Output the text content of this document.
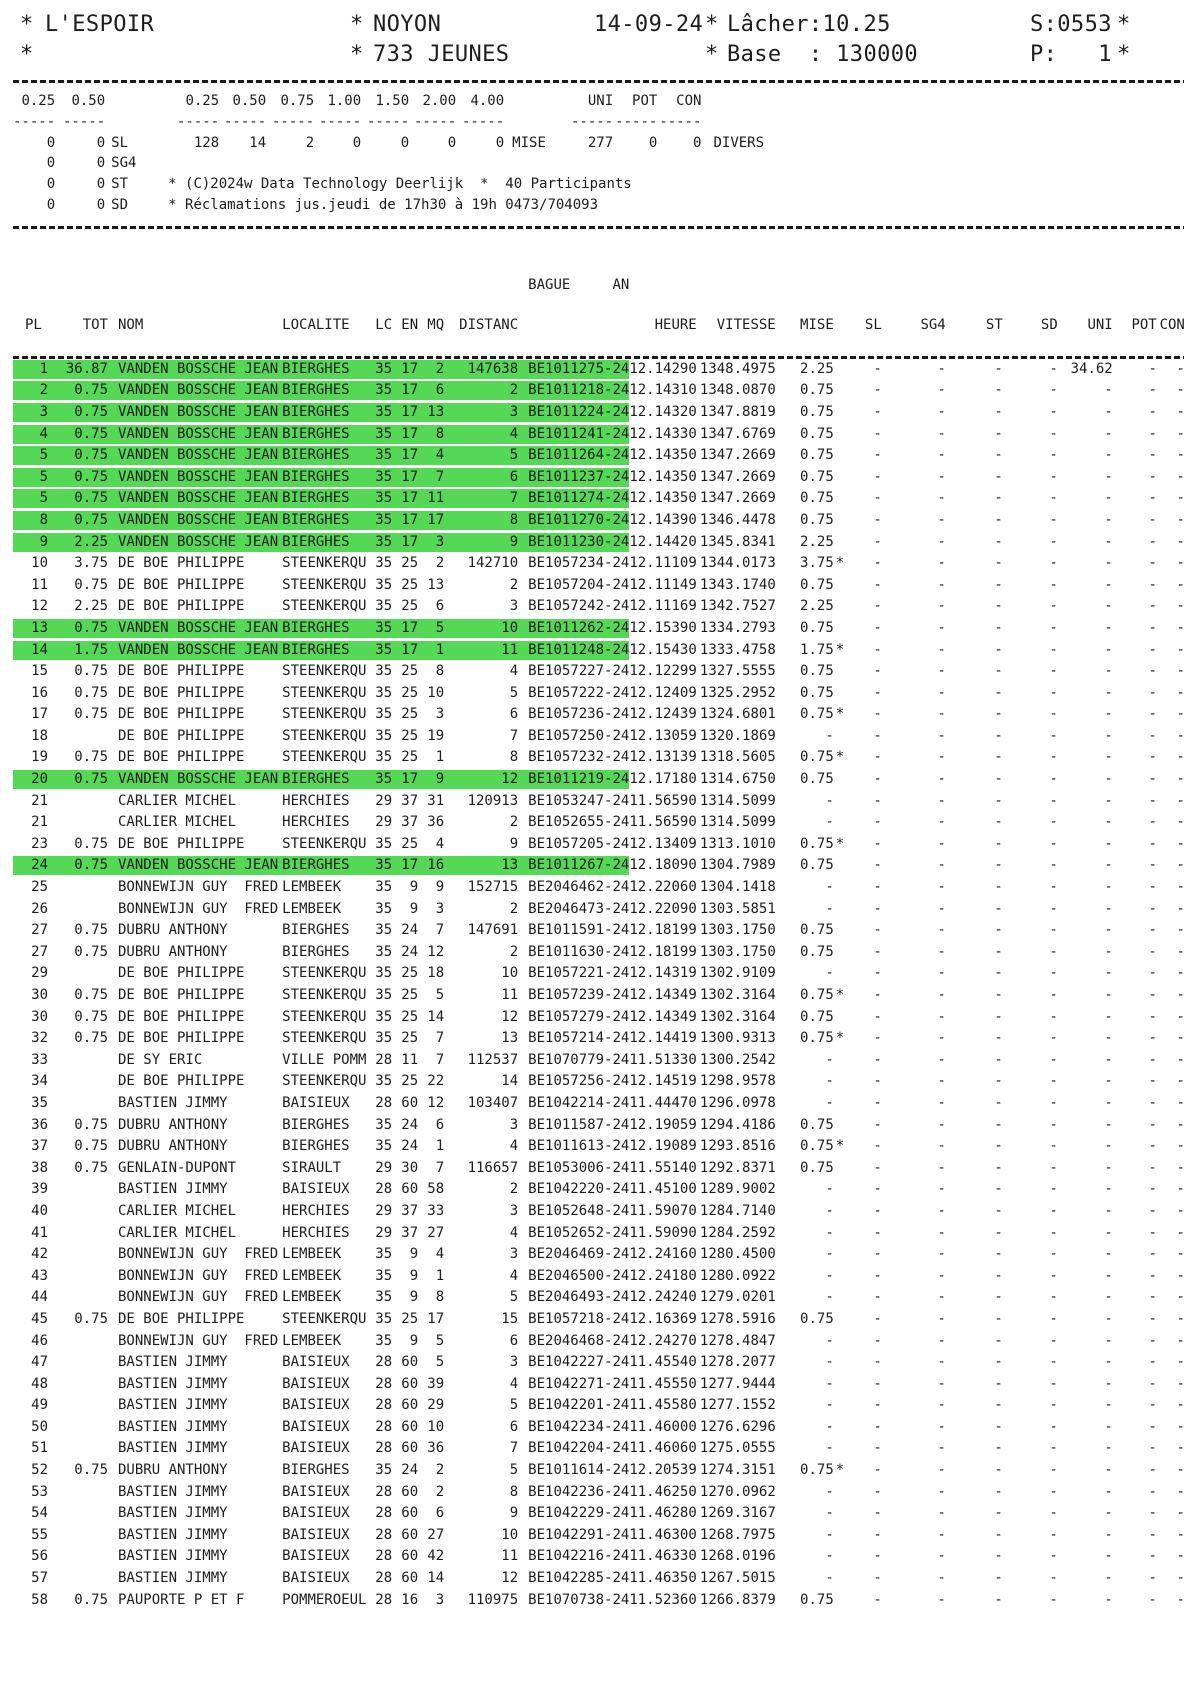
* L'ESPOIR	* NOYON	14-09-24 * Lâcher:10.25	S:0553 *
*	* 733 JEUNES	* Base  : 130000	P:   1 *
0.25	0.50		0.25	0.50	0.75	1.00	1.50	2.00	4.00		UNI	POT	CON	
-----	-----		-----	-----	-----	-----	-----	-----	-----		-----	-----	-----	
0	0	SL	128	14	2	0	0	0	0	MISE	277	0	0	DIVERS
0	0	SG4												
0	0	ST	* (C)2024w Data Technology Deerlijk  *  40 Participants											
0	0	SD	* Réclamations jus.jeudi de 17h30 à 19h 0473/704093											
PL	TOT	NOM	LOCALITE	LC	EN	MQ	DISTANC	BAGUE AN	HEURE	VITESSE	MISE		SL	SG4	ST	SD	UNI	POT	CON

1	36.87	VANDEN BOSSCHE JEAN	BIERGHES	35	17	2	147638	BE1011275-24	12.14290	1348.4975	2.25		-	-	-	-	34.62	-	-
2	0.75	VANDEN BOSSCHE JEAN	BIERGHES	35	17	6	2	BE1011218-24	12.14310	1348.0870	0.75		-	-	-	-	-	-	-
3	0.75	VANDEN BOSSCHE JEAN	BIERGHES	35	17	13	3	BE1011224-24	12.14320	1347.8819	0.75		-	-	-	-	-	-	-
4	0.75	VANDEN BOSSCHE JEAN	BIERGHES	35	17	8	4	BE1011241-24	12.14330	1347.6769	0.75		-	-	-	-	-	-	-
5	0.75	VANDEN BOSSCHE JEAN	BIERGHES	35	17	4	5	BE1011264-24	12.14350	1347.2669	0.75		-	-	-	-	-	-	-
5	0.75	VANDEN BOSSCHE JEAN	BIERGHES	35	17	7	6	BE1011237-24	12.14350	1347.2669	0.75		-	-	-	-	-	-	-
5	0.75	VANDEN BOSSCHE JEAN	BIERGHES	35	17	11	7	BE1011274-24	12.14350	1347.2669	0.75		-	-	-	-	-	-	-
8	0.75	VANDEN BOSSCHE JEAN	BIERGHES	35	17	17	8	BE1011270-24	12.14390	1346.4478	0.75		-	-	-	-	-	-	-
9	2.25	VANDEN BOSSCHE JEAN	BIERGHES	35	17	3	9	BE1011230-24	12.14420	1345.8341	2.25		-	-	-	-	-	-	-
10	3.75	DE BOE PHILIPPE	STEENKERQU	35	25	2	142710	BE1057234-24	12.11109	1344.0173	3.75	*	-	-	-	-	-	-	-
11	0.75	DE BOE PHILIPPE	STEENKERQU	35	25	13	2	BE1057204-24	12.11149	1343.1740	0.75		-	-	-	-	-	-	-
12	2.25	DE BOE PHILIPPE	STEENKERQU	35	25	6	3	BE1057242-24	12.11169	1342.7527	2.25		-	-	-	-	-	-	-
13	0.75	VANDEN BOSSCHE JEAN	BIERGHES	35	17	5	10	BE1011262-24	12.15390	1334.2793	0.75		-	-	-	-	-	-	-
14	1.75	VANDEN BOSSCHE JEAN	BIERGHES	35	17	1	11	BE1011248-24	12.15430	1333.4758	1.75	*	-	-	-	-	-	-	-
15	0.75	DE BOE PHILIPPE	STEENKERQU	35	25	8	4	BE1057227-24	12.12299	1327.5555	0.75		-	-	-	-	-	-	-
16	0.75	DE BOE PHILIPPE	STEENKERQU	35	25	10	5	BE1057222-24	12.12409	1325.2952	0.75		-	-	-	-	-	-	-
17	0.75	DE BOE PHILIPPE	STEENKERQU	35	25	3	6	BE1057236-24	12.12439	1324.6801	0.75	*	-	-	-	-	-	-	-
18		DE BOE PHILIPPE	STEENKERQU	35	25	19	7	BE1057250-24	12.13059	1320.1869	-		-	-	-	-	-	-	-
19	0.75	DE BOE PHILIPPE	STEENKERQU	35	25	1	8	BE1057232-24	12.13139	1318.5605	0.75	*	-	-	-	-	-	-	-
20	0.75	VANDEN BOSSCHE JEAN	BIERGHES	35	17	9	12	BE1011219-24	12.17180	1314.6750	0.75		-	-	-	-	-	-	-
21		CARLIER MICHEL	HERCHIES	29	37	31	120913	BE1053247-24	11.56590	1314.5099	-		-	-	-	-	-	-	-
21		CARLIER MICHEL	HERCHIES	29	37	36	2	BE1052655-24	11.56590	1314.5099	-		-	-	-	-	-	-	-
23	0.75	DE BOE PHILIPPE	STEENKERQU	35	25	4	9	BE1057205-24	12.13409	1313.1010	0.75	*	-	-	-	-	-	-	-
24	0.75	VANDEN BOSSCHE JEAN	BIERGHES	35	17	16	13	BE1011267-24	12.18090	1304.7989	0.75		-	-	-	-	-	-	-
25		BONNEWIJN GUY  FRED	LEMBEEK	35	9	9	152715	BE2046462-24	12.22060	1304.1418	-		-	-	-	-	-	-	-
26		BONNEWIJN GUY  FRED	LEMBEEK	35	9	3	2	BE2046473-24	12.22090	1303.5851	-		-	-	-	-	-	-	-
27	0.75	DUBRU ANTHONY	BIERGHES	35	24	7	147691	BE1011591-24	12.18199	1303.1750	0.75		-	-	-	-	-	-	-
27	0.75	DUBRU ANTHONY	BIERGHES	35	24	12	2	BE1011630-24	12.18199	1303.1750	0.75		-	-	-	-	-	-	-
29		DE BOE PHILIPPE	STEENKERQU	35	25	18	10	BE1057221-24	12.14319	1302.9109	-		-	-	-	-	-	-	-
30	0.75	DE BOE PHILIPPE	STEENKERQU	35	25	5	11	BE1057239-24	12.14349	1302.3164	0.75	*	-	-	-	-	-	-	-
30	0.75	DE BOE PHILIPPE	STEENKERQU	35	25	14	12	BE1057279-24	12.14349	1302.3164	0.75		-	-	-	-	-	-	-
32	0.75	DE BOE PHILIPPE	STEENKERQU	35	25	7	13	BE1057214-24	12.14419	1300.9313	0.75	*	-	-	-	-	-	-	-
33		DE SY ERIC	VILLE POMM	28	11	7	112537	BE1070779-24	11.51330	1300.2542	-		-	-	-	-	-	-	-
34		DE BOE PHILIPPE	STEENKERQU	35	25	22	14	BE1057256-24	12.14519	1298.9578	-		-	-	-	-	-	-	-
35		BASTIEN JIMMY	BAISIEUX	28	60	12	103407	BE1042214-24	11.44470	1296.0978	-		-	-	-	-	-	-	-
36	0.75	DUBRU ANTHONY	BIERGHES	35	24	6	3	BE1011587-24	12.19059	1294.4186	0.75		-	-	-	-	-	-	-
37	0.75	DUBRU ANTHONY	BIERGHES	35	24	1	4	BE1011613-24	12.19089	1293.8516	0.75	*	-	-	-	-	-	-	-
38	0.75	GENLAIN-DUPONT	SIRAULT	29	30	7	116657	BE1053006-24	11.55140	1292.8371	0.75		-	-	-	-	-	-	-
39		BASTIEN JIMMY	BAISIEUX	28	60	58	2	BE1042220-24	11.45100	1289.9002	-		-	-	-	-	-	-	-
40		CARLIER MICHEL	HERCHIES	29	37	33	3	BE1052648-24	11.59070	1284.7140	-		-	-	-	-	-	-	-
41		CARLIER MICHEL	HERCHIES	29	37	27	4	BE1052652-24	11.59090	1284.2592	-		-	-	-	-	-	-	-
42		BONNEWIJN GUY  FRED	LEMBEEK	35	9	4	3	BE2046469-24	12.24160	1280.4500	-		-	-	-	-	-	-	-
43		BONNEWIJN GUY  FRED	LEMBEEK	35	9	1	4	BE2046500-24	12.24180	1280.0922	-		-	-	-	-	-	-	-
44		BONNEWIJN GUY  FRED	LEMBEEK	35	9	8	5	BE2046493-24	12.24240	1279.0201	-		-	-	-	-	-	-	-
45	0.75	DE BOE PHILIPPE	STEENKERQU	35	25	17	15	BE1057218-24	12.16369	1278.5916	0.75		-	-	-	-	-	-	-
46		BONNEWIJN GUY  FRED	LEMBEEK	35	9	5	6	BE2046468-24	12.24270	1278.4847	-		-	-	-	-	-	-	-
47		BASTIEN JIMMY	BAISIEUX	28	60	5	3	BE1042227-24	11.45540	1278.2077	-		-	-	-	-	-	-	-
48		BASTIEN JIMMY	BAISIEUX	28	60	39	4	BE1042271-24	11.45550	1277.9444	-		-	-	-	-	-	-	-
49		BASTIEN JIMMY	BAISIEUX	28	60	29	5	BE1042201-24	11.45580	1277.1552	-		-	-	-	-	-	-	-
50		BASTIEN JIMMY	BAISIEUX	28	60	10	6	BE1042234-24	11.46000	1276.6296	-		-	-	-	-	-	-	-
51		BASTIEN JIMMY	BAISIEUX	28	60	36	7	BE1042204-24	11.46060	1275.0555	-		-	-	-	-	-	-	-
52	0.75	DUBRU ANTHONY	BIERGHES	35	24	2	5	BE1011614-24	12.20539	1274.3151	0.75	*	-	-	-	-	-	-	-
53		BASTIEN JIMMY	BAISIEUX	28	60	2	8	BE1042236-24	11.46250	1270.0962	-		-	-	-	-	-	-	-
54		BASTIEN JIMMY	BAISIEUX	28	60	6	9	BE1042229-24	11.46280	1269.3167	-		-	-	-	-	-	-	-
55		BASTIEN JIMMY	BAISIEUX	28	60	27	10	BE1042291-24	11.46300	1268.7975	-		-	-	-	-	-	-	-
56		BASTIEN JIMMY	BAISIEUX	28	60	42	11	BE1042216-24	11.46330	1268.0196	-		-	-	-	-	-	-	-
57		BASTIEN JIMMY	BAISIEUX	28	60	14	12	BE1042285-24	11.46350	1267.5015	-		-	-	-	-	-	-	-
58	0.75	PAUPORTE P ET F	POMMEROEUL	28	16	3	110975	BE1070738-24	11.52360	1266.8379	0.75		-	-	-	-	-	-	-
